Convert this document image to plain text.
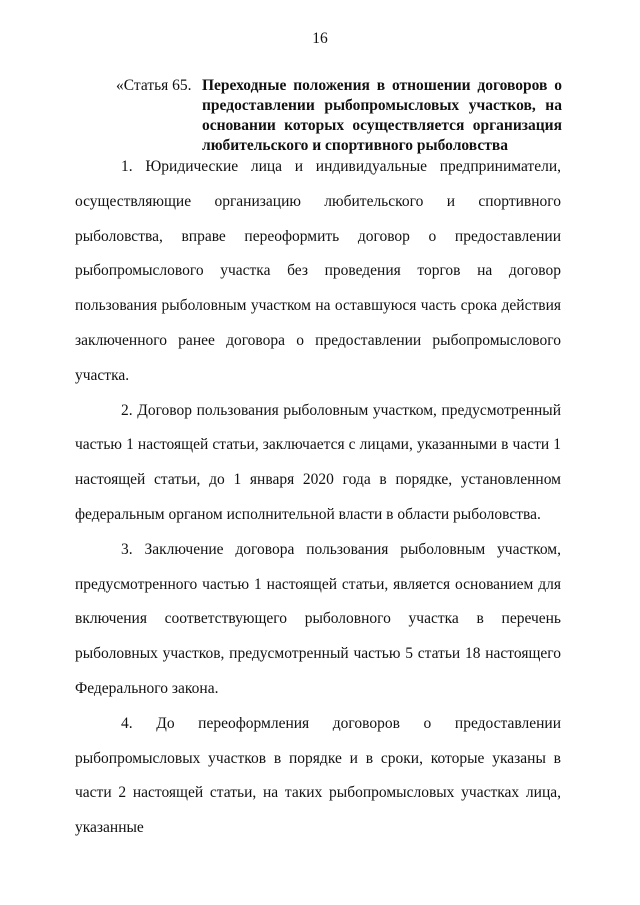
16
«Статья 65. Переходные положения в отношении договоров о предоставлении рыбопромысловых участков, на основании которых осуществляется организация любительского и спортивного рыболовства

1. Юридические лица и индивидуальные предприниматели, осуществляющие организацию любительского и спортивного рыболовства, вправе переоформить договор о предоставлении рыбопромыслового участка без проведения торгов на договор пользования рыболовным участком на оставшуюся часть срока действия заключенного ранее договора о предоставлении рыбопромыслового участка.

2. Договор пользования рыболовным участком, предусмотренный частью 1 настоящей статьи, заключается с лицами, указанными в части 1 настоящей статьи, до 1 января 2020 года в порядке, установленном федеральным органом исполнительной власти в области рыболовства.

3. Заключение договора пользования рыболовным участком, предусмотренного частью 1 настоящей статьи, является основанием для включения соответствующего рыболовного участка в перечень рыболовных участков, предусмотренный частью 5 статьи 18 настоящего Федерального закона.

4. До переоформления договоров о предоставлении рыбопромысловых участков в порядке и в сроки, которые указаны в части 2 настоящей статьи, на таких рыбопромысловых участках лица, указанные
